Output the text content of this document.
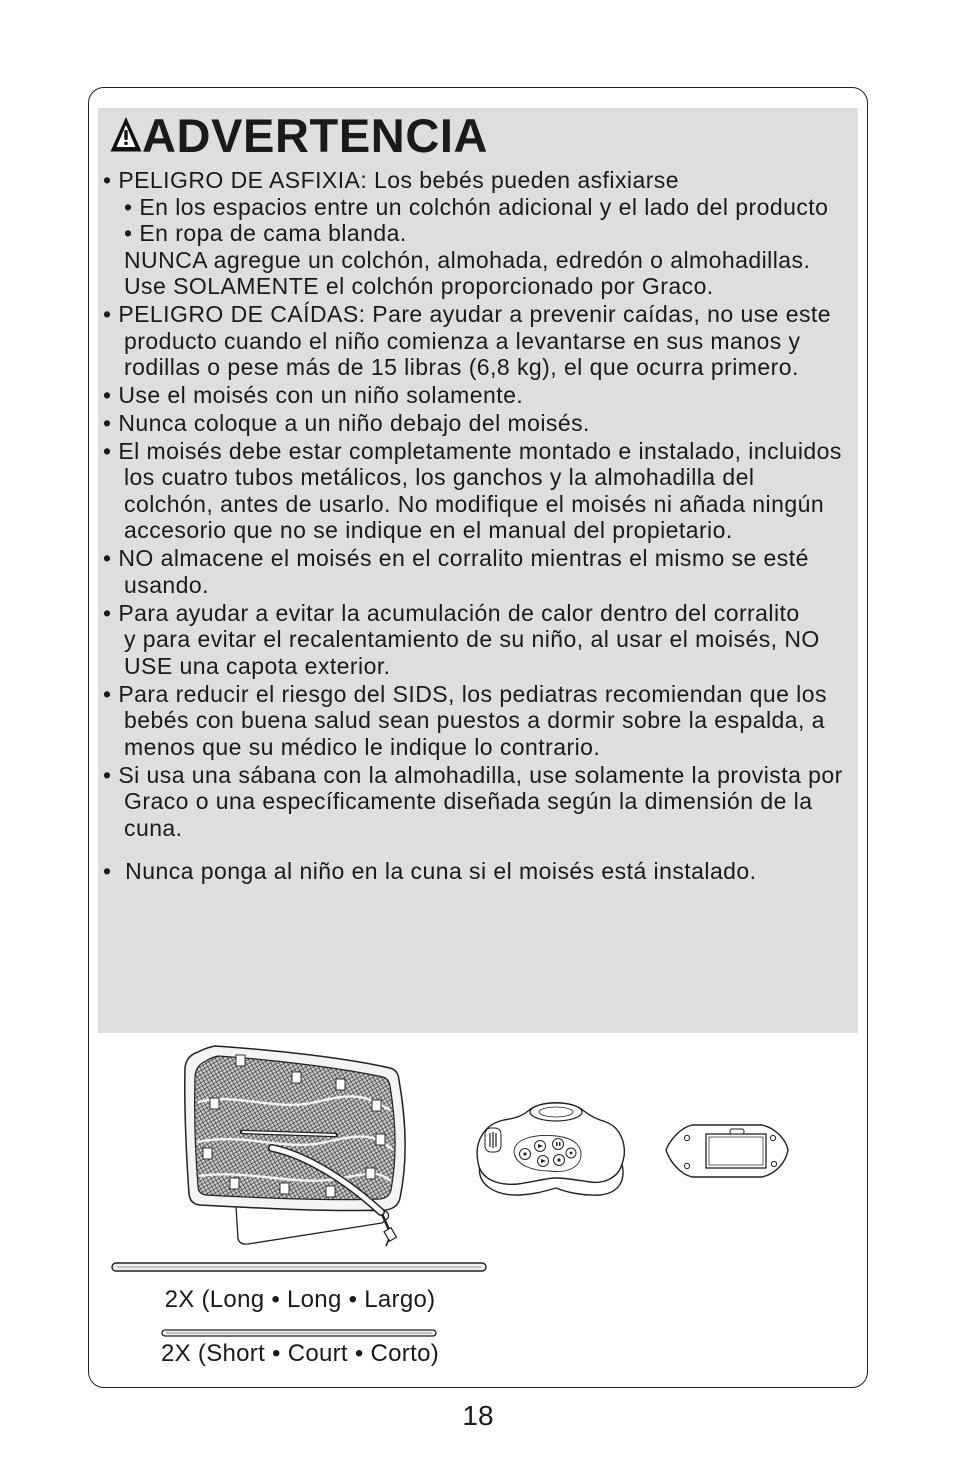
ADVERTENCIA
• PELIGRO DE ASFIXIA: Los bebés pueden asfixiarse
• En los espacios entre un colchón adicional y el lado del producto
• En ropa de cama blanda.
NUNCA agregue un colchón, almohada, edredón o almohadillas.
Use SOLAMENTE el colchón proporcionado por Graco.
• PELIGRO DE CAÍDAS: Pare ayudar a prevenir caídas, no use este
producto cuando el niño comienza a levantarse en sus manos y
rodillas o pese más de 15 libras (6,8 kg), el que ocurra primero.
• Use el moisés con un niño solamente.
• Nunca coloque a un niño debajo del moisés.
• El moisés debe estar completamente montado e instalado, incluidos
los cuatro tubos metálicos, los ganchos y la almohadilla del
colchón, antes de usarlo. No modifique el moisés ni añada ningún
accesorio que no se indique en el manual del propietario.
• NO almacene el moisés en el corralito mientras el mismo se esté
usando.
• Para ayudar a evitar la acumulación de calor dentro del corralito
y para evitar el recalentamiento de su niño, al usar el moisés, NO
USE una capota exterior.
• Para reducir el riesgo del SIDS, los pediatras recomiendan que los
bebés con buena salud sean puestos a dormir sobre la espalda, a
menos que su médico le indique lo contrario.
• Si usa una sábana con la almohadilla, use solamente la provista por
Graco o una específicamente diseñada según la dimensión de la
cuna.
•  Nunca ponga al niño en la cuna si el moisés está instalado.
2X (Long • Long • Largo)
2X (Short • Court • Corto)
18
